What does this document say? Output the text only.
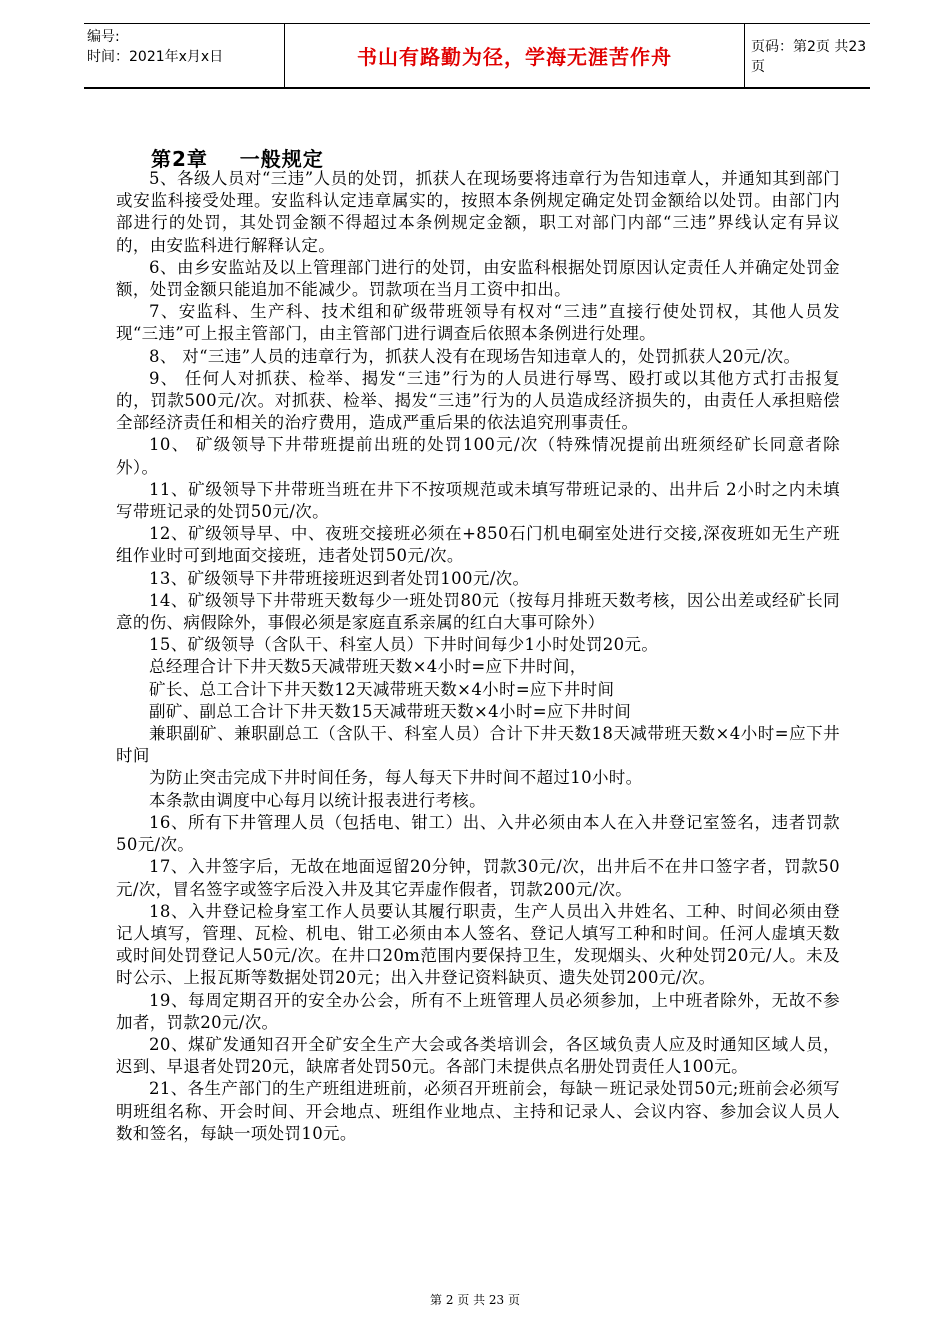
编号:
时间：2021年x月x日	书山有路勤为径，学海无涯苦作舟	页码：第2页 共23页
第2章    一般规定

5、各级人员对“三违”人员的处罚，抓获人在现场要将违章行为告知违章人，并通知其到部门或安监科接受处理。安监科认定违章属实的，按照本条例规定确定处罚金额给以处罚。由部门内部进行的处罚，其处罚金额不得超过本条例规定金额，职工对部门内部“三违”界线认定有异议的，由安监科进行解释认定。

6、由乡安监站及以上管理部门进行的处罚，由安监科根据处罚原因认定责任人并确定处罚金额，处罚金额只能追加不能减少。罚款项在当月工资中扣出。

7、安监科、生产科、技术组和矿级带班领导有权对“三违”直接行使处罚权，其他人员发现“三违”可上报主管部门，由主管部门进行调查后依照本条例进行处理。

8、 对“三违”人员的违章行为，抓获人没有在现场告知违章人的，处罚抓获人20元/次。

9、 任何人对抓获、检举、揭发“三违”行为的人员进行辱骂、殴打或以其他方式打击报复的，罚款500元/次。对抓获、检举、揭发“三违”行为的人员造成经济损失的，由责任人承担赔偿全部经济责任和相关的治疗费用，造成严重后果的依法追究刑事责任。

10、 矿级领导下井带班提前出班的处罚100元/次（特殊情况提前出班须经矿长同意者除外）。

11、矿级领导下井带班当班在井下不按项规范或未填写带班记录的、出井后 2小时之内未填写带班记录的处罚50元/次。

12、矿级领导早、中、夜班交接班必须在+850石门机电硐室处进行交接,深夜班如无生产班组作业时可到地面交接班，违者处罚50元/次。

13、矿级领导下井带班接班迟到者处罚100元/次。

14、矿级领导下井带班天数每少一班处罚80元（按每月排班天数考核，因公出差或经矿长同意的伤、病假除外，事假必须是家庭直系亲属的红白大事可除外）

15、矿级领导（含队干、科室人员）下井时间每少1小时处罚20元。

总经理合计下井天数5天减带班天数×4小时=应下井时间，

矿长、总工合计下井天数12天减带班天数×4小时=应下井时间

副矿、副总工合计下井天数15天减带班天数×4小时=应下井时间

兼职副矿、兼职副总工（含队干、科室人员）合计下井天数18天减带班天数×4小时=应下井时间

为防止突击完成下井时间任务，每人每天下井时间不超过10小时。

本条款由调度中心每月以统计报表进行考核。

16、所有下井管理人员（包括电、钳工）出、入井必须由本人在入井登记室签名，违者罚款50元/次。

17、入井签字后，无故在地面逗留20分钟，罚款30元/次，出井后不在井口签字者，罚款50元/次，冒名签字或签字后没入井及其它弄虚作假者，罚款200元/次。

18、入井登记检身室工作人员要认其履行职责，生产人员出入井姓名、工种、时间必须由登记人填写，管理、瓦检、机电、钳工必须由本人签名、登记人填写工种和时间。任河人虚填天数或时间处罚登记人50元/次。在井口20m范围内要保持卫生，发现烟头、火种处罚20元/人。未及时公示、上报瓦斯等数据处罚20元；出入井登记资料缺页、遗失处罚200元/次。

19、每周定期召开的安全办公会，所有不上班管理人员必须参加，上中班者除外，无故不参加者，罚款20元/次。

20、煤矿发通知召开全矿安全生产大会或各类培训会，各区域负责人应及时通知区域人员，迟到、早退者处罚20元，缺席者处罚50元。各部门未提供点名册处罚责任人100元。

21、各生产部门的生产班组进班前，必须召开班前会，每缺－班记录处罚50元;班前会必须写明班组名称、开会时间、开会地点、班组作业地点、主持和记录人、会议内容、参加会议人员人数和签名，每缺一项处罚10元。

第 2 页 共 23 页
